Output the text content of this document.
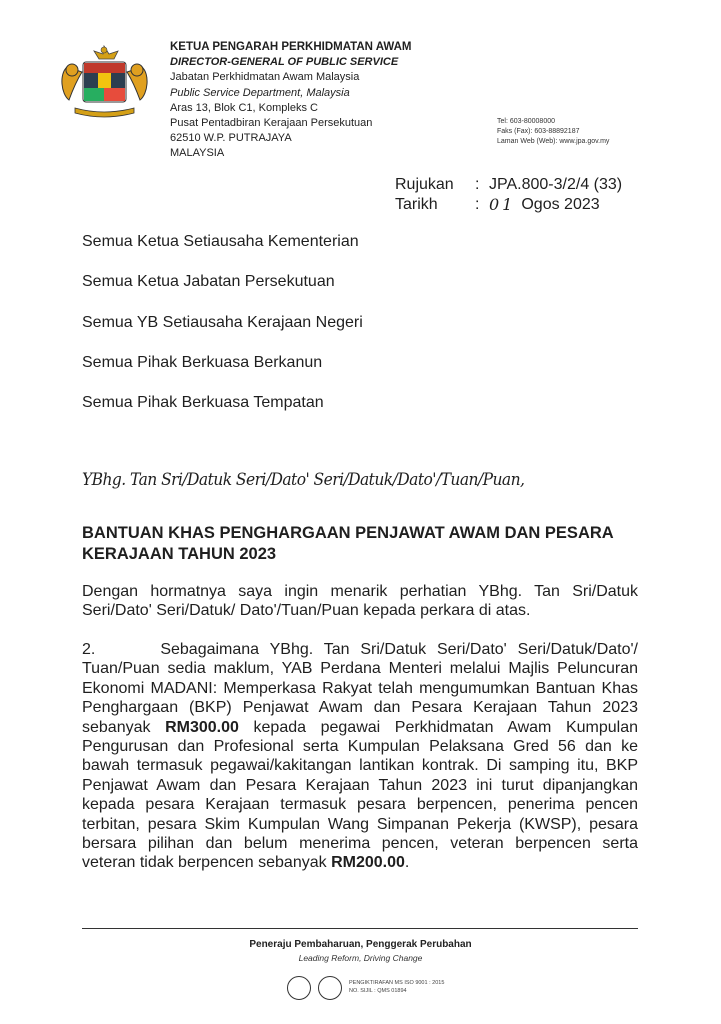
KETUA PENGARAH PERKHIDMATAN AWAM
DIRECTOR-GENERAL OF PUBLIC SERVICE
Jabatan Perkhidmatan Awam Malaysia
Public Service Department, Malaysia
Aras 13, Blok C1, Kompleks C
Pusat Pentadbiran Kerajaan Persekutuan
62510 W.P. PUTRAJAYA
MALAYSIA
Tel: 603-80008000
Faks (Fax): 603-88892187
Laman Web (Web): www.jpa.gov.my
Rujukan	: JPA.800-3/2/4 (33)
Tarikh	: 01 Ogos 2023
Semua Ketua Setiausaha Kementerian
Semua Ketua Jabatan Persekutuan
Semua YB Setiausaha Kerajaan Negeri
Semua Pihak Berkuasa Berkanun
Semua Pihak Berkuasa Tempatan
YBhg. Tan Sri/Datuk Seri/Dato' Seri/Datuk/Dato'/Tuan/Puan,
BANTUAN KHAS PENGHARGAAN PENJAWAT AWAM DAN PESARA KERAJAAN TAHUN 2023
Dengan hormatnya saya ingin menarik perhatian YBhg. Tan Sri/Datuk Seri/Dato' Seri/Datuk/ Dato'/Tuan/Puan kepada perkara di atas.
2.	Sebagaimana YBhg. Tan Sri/Datuk Seri/Dato' Seri/Datuk/Dato'/ Tuan/Puan sedia maklum, YAB Perdana Menteri melalui Majlis Peluncuran Ekonomi MADANI: Memperkasa Rakyat telah mengumumkan Bantuan Khas Penghargaan (BKP) Penjawat Awam dan Pesara Kerajaan Tahun 2023 sebanyak RM300.00 kepada pegawai Perkhidmatan Awam Kumpulan Pengurusan dan Profesional serta Kumpulan Pelaksana Gred 56 dan ke bawah termasuk pegawai/kakitangan lantikan kontrak. Di samping itu, BKP Penjawat Awam dan Pesara Kerajaan Tahun 2023 ini turut dipanjangkan kepada pesara Kerajaan termasuk pesara berpencen, penerima pencen terbitan, pesara Skim Kumpulan Wang Simpanan Pekerja (KWSP), pesara bersara pilihan dan belum menerima pencen, veteran berpencen serta veteran tidak berpencen sebanyak RM200.00.
Peneraju Pembaharuan, Penggerak Perubahan
Leading Reform, Driving Change
PENGIKTIRAFAN MS ISO 9001 : 2015
NO. SIJIL : QMS 01894
